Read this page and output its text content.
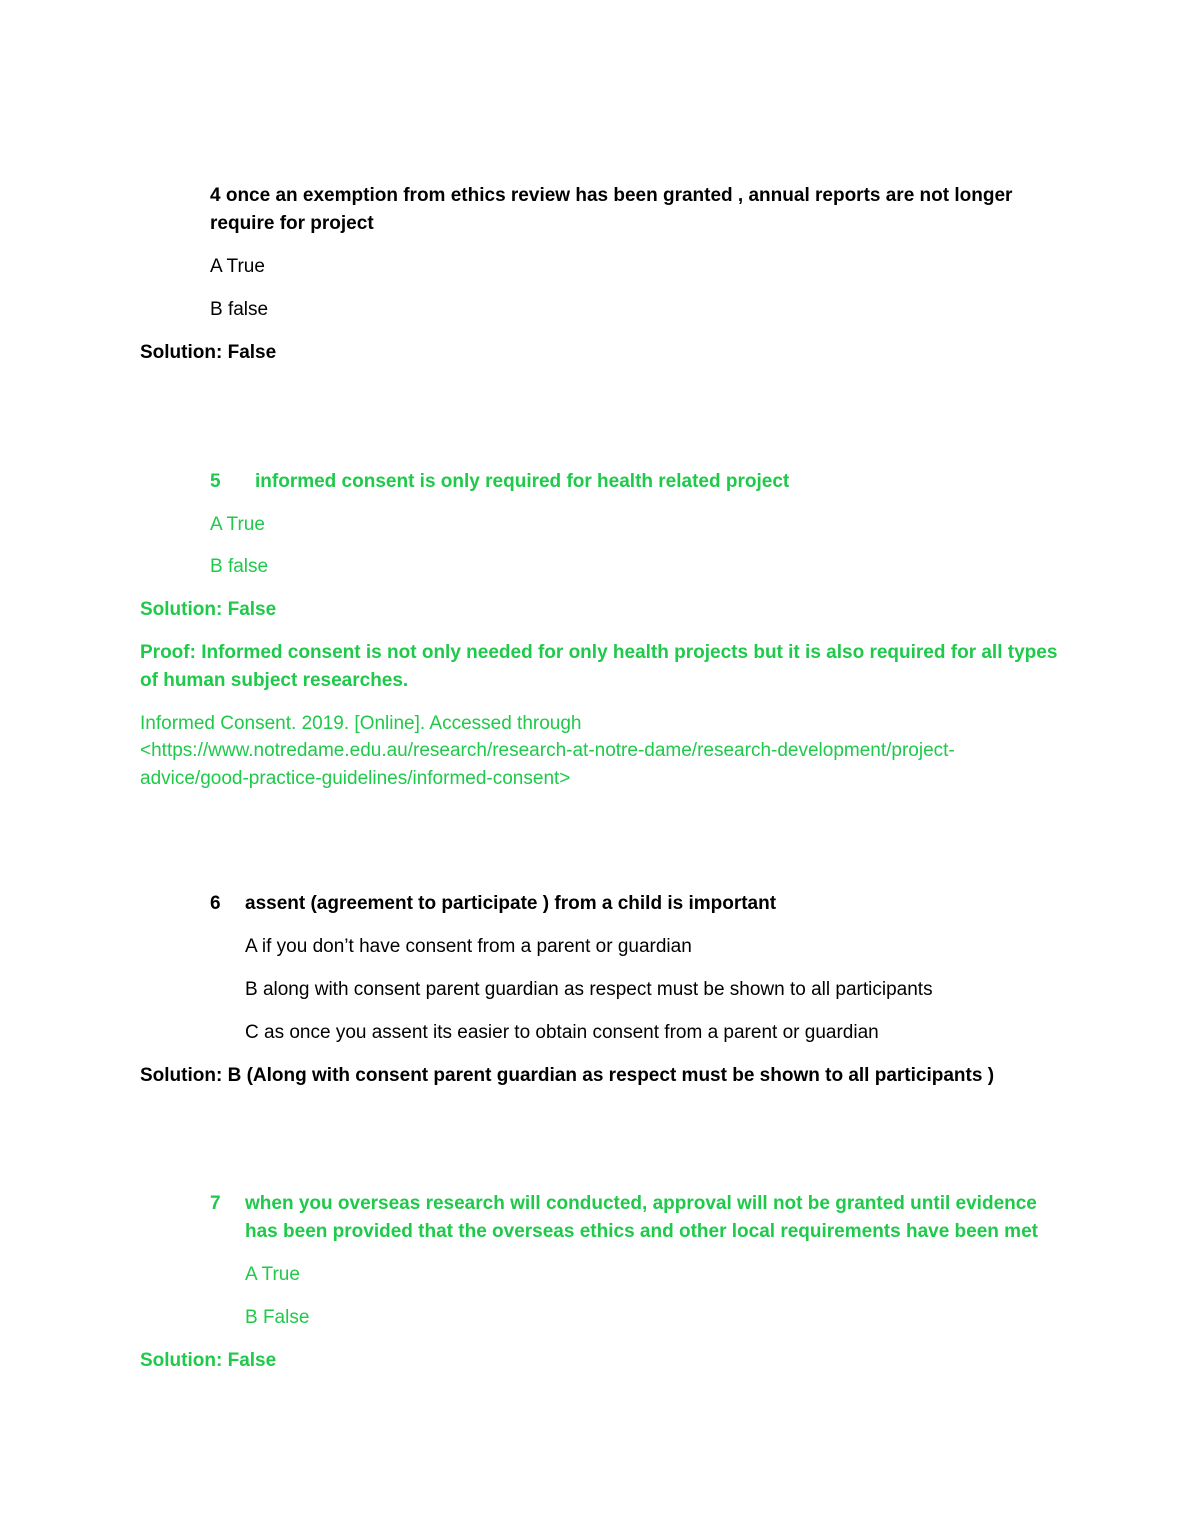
4 once an exemption from ethics review has been granted , annual reports are not longer
require for project
A True
B false
Solution: False
5 informed consent is only required for health related project
A True
B false
Solution: False
Proof: Informed consent is not only needed for only health projects but it is also required for all types
of human subject researches.
Informed Consent. 2019. [Online]. Accessed through
<https://www.notredame.edu.au/research/research-at-notre-dame/research-development/project-
advice/good-practice-guidelines/informed-consent>
6 assent (agreement to participate ) from a child is important
A if you don’t have consent from a parent or guardian
B along with consent parent guardian as respect must be shown to all participants
C as once you assent its easier to obtain consent from a parent or guardian
Solution: B (Along with consent parent guardian as respect must be shown to all participants )
7 when you overseas research will conducted, approval will not be granted until evidence
has been provided that the overseas ethics and other local requirements have been met
A True
B False
Solution: False
